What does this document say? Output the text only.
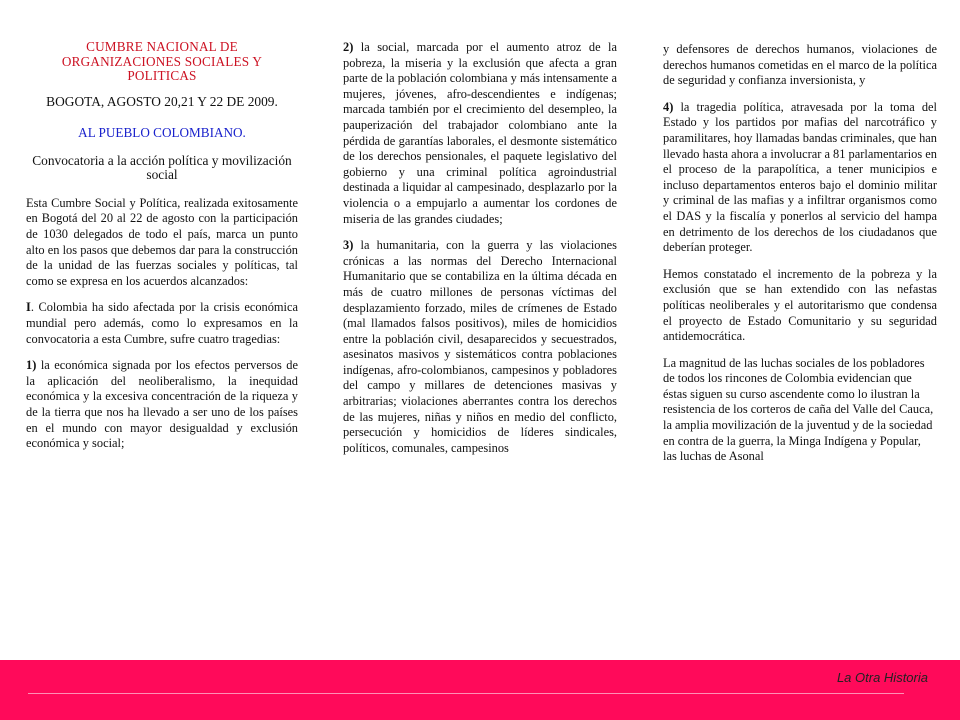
CUMBRE NACIONAL DE ORGANIZACIONES SOCIALES Y POLITICAS
BOGOTA, AGOSTO 20,21 Y 22 DE 2009.
AL PUEBLO COLOMBIANO.
Convocatoria a la acción política y movilización social

Esta Cumbre Social y Política, realizada exitosamente en Bogotá del 20 al 22 de agosto con la participación de 1030 delegados de todo el país, marca un punto alto en los pasos que debemos dar para la construcción de la unidad de las fuerzas sociales y políticas, tal como se expresa en los acuerdos alcanzados:

I. Colombia ha sido afectada por la crisis económica mundial pero además, como lo expresamos en la convocatoria a esta Cumbre, sufre cuatro tragedias:

1) la económica signada por los efectos perversos de la aplicación del neoliberalismo, la inequidad económica y la excesiva concentración de la riqueza y de la tierra que nos ha llevado a ser uno de los países en el mundo con mayor desigualdad y exclusión económica y social;

2) la social, marcada por el aumento atroz de la pobreza, la miseria y la exclusión que afecta a gran parte de la población colombiana y más intensamente a mujeres, jóvenes, afro-descendientes e indígenas; marcada también por el crecimiento del desempleo, la pauperización del trabajador colombiano ante la pérdida de garantías laborales, el desmonte sistemático de los derechos pensionales, el paquete legislativo del gobierno y una criminal política agroindustrial destinada a liquidar al campesinado, desplazarlo por la violencia o a empujarlo a aumentar los cordones de miseria de las grandes ciudades;

3) la humanitaria, con la guerra y las violaciones crónicas a las normas del Derecho Internacional Humanitario que se contabiliza en la última década en más de cuatro millones de personas víctimas del desplazamiento forzado, miles de crímenes de Estado (mal llamados falsos positivos), miles de homicidios entre la población civil, desaparecidos y secuestrados, asesinatos masivos y sistemáticos contra poblaciones indígenas, afro-colombianos, campesinos y pobladores del campo y millares de detenciones masivas y arbitrarias; violaciones aberrantes contra los derechos de las mujeres, niñas y niños en medio del conflicto, persecución y homicidios de líderes sindicales, políticos, comunales, campesinos

y defensores de derechos humanos, violaciones de derechos humanos cometidas en el marco de la política de seguridad y confianza inversionista, y

4) la tragedia política, atravesada por la toma del Estado y los partidos por mafias del narcotráfico y paramilitares, hoy llamadas bandas criminales, que han llevado hasta ahora a involucrar a 81 parlamentarios en el proceso de la parapolítica, a tener municipios e incluso departamentos enteros bajo el dominio militar y criminal de las mafias y a infiltrar organismos como el DAS y la fiscalía y ponerlos al servicio del hampa en detrimento de los derechos de los ciudadanos que deberían proteger.

Hemos constatado el incremento de la pobreza y la exclusión que se han extendido con las nefastas políticas neoliberales y el autoritarismo que condensa el proyecto de Estado Comunitario y su seguridad antidemocrática.

La magnitud de las luchas sociales de los pobladores de todos los rincones de Colombia evidencian que éstas siguen su curso ascendente como lo ilustran la resistencia de los corteros de caña del Valle del Cauca, la amplia movilización de la juventud y de la sociedad en contra de la guerra, la Minga Indígena y Popular, las luchas de Asonal

La Otra Historia
